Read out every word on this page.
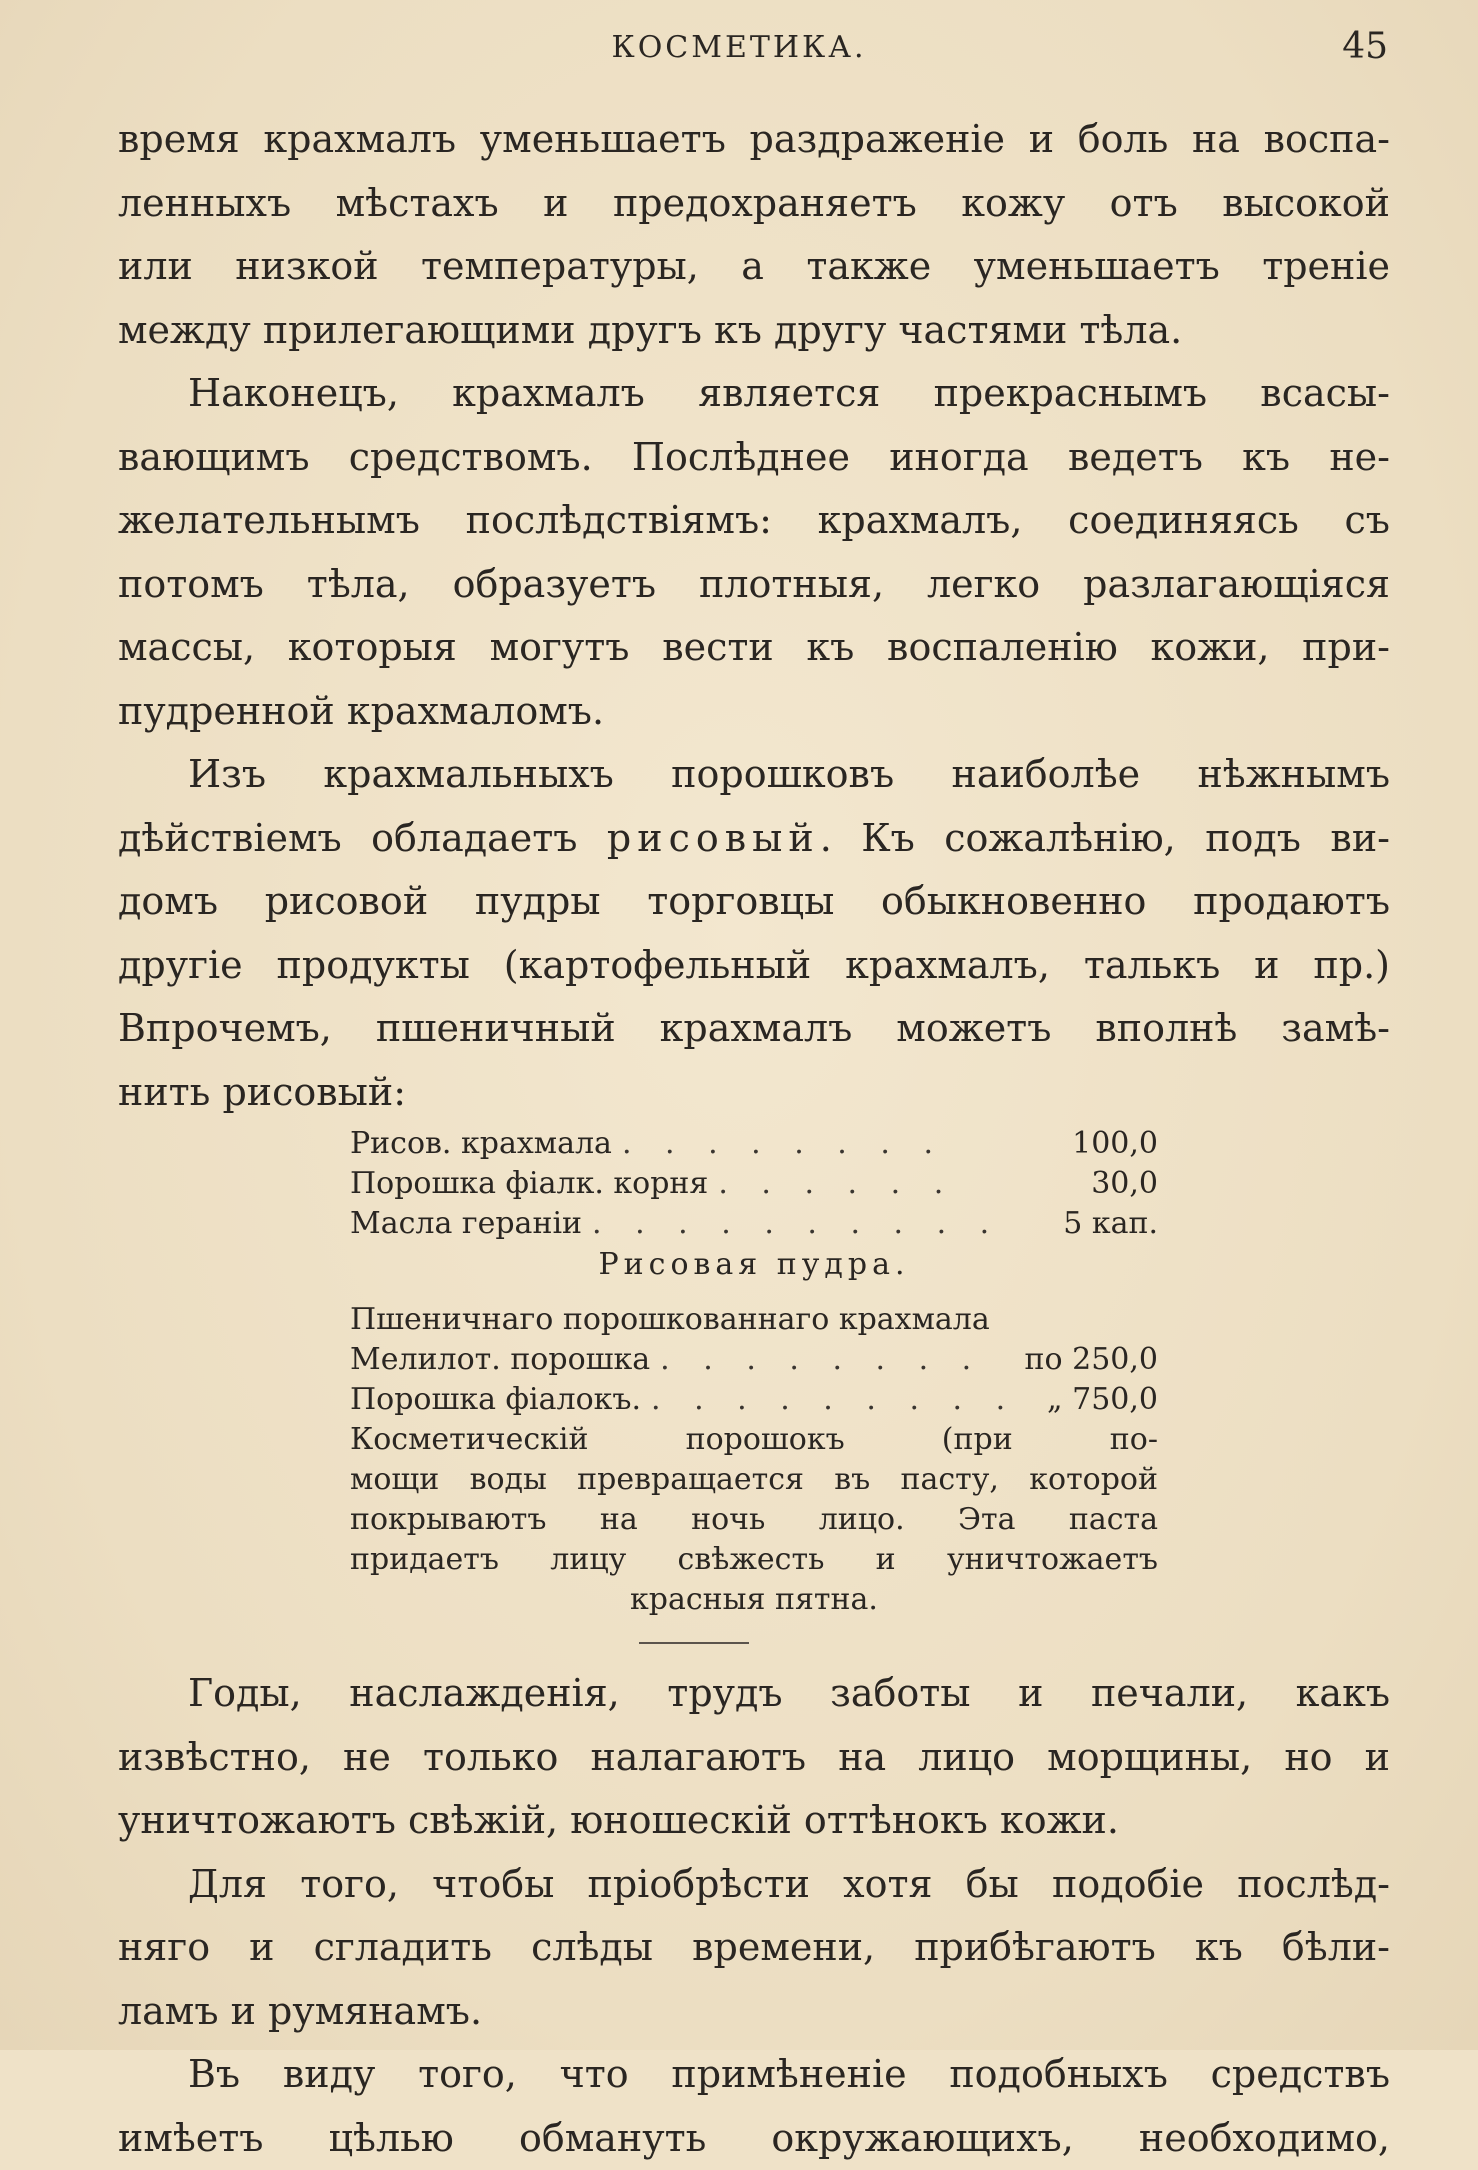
КОСМЕТИКА.	45
время крахмалъ уменьшаетъ раздраженіе и боль на воспа-
ленныхъ мѣстахъ и предохраняетъ кожу отъ высокой
или низкой температуры, а также уменьшаетъ треніе
между прилегающими другъ къ другу частями тѣла.
Наконецъ, крахмалъ является прекраснымъ всасы-
вающимъ средствомъ. Послѣднее иногда ведетъ къ не-
желательнымъ послѣдствіямъ: крахмалъ, соединяясь съ
потомъ тѣла, образуетъ плотныя, легко разлагающіяся
массы, которыя могутъ вести къ воспаленію кожи, при-
пудренной крахмаломъ.
Изъ крахмальныхъ порошковъ наиболѣе нѣжнымъ
дѣйствіемъ обладаетъ рисовый. Къ сожалѣнію, подъ ви-
домъ рисовой пудры торговцы обыкновенно продаютъ
другіе продукты (картофельный крахмалъ, талькъ и пр.)
Впрочемъ, пшеничный крахмалъ можетъ вполнѣ замѣ-
нить рисовый:
Рисов. крахмала . . . . . . . .	100,0
Порошка фіалк. корня . . . . . .	30,0
Масла гераніи . . . . . . . . . .	5 кап.
Рисовая пудра.
Пшеничнаго порошкованнаго крахмала
Мелилот. порошка . . . . . . . .	по 250,0
Порошка фіалокъ. . . . . . . . . . „ 750,0
Косметическій порошокъ (при по-
мощи воды превращается въ пасту, которой
покрываютъ на ночь лицо. Эта паста
придаетъ лицу свѣжесть и уничтожаетъ
красныя пятна.
Годы, наслажденія, трудъ заботы и печали, какъ
извѣстно, не только налагаютъ на лицо морщины, но и
уничтожаютъ свѣжій, юношескій оттѣнокъ кожи.
Для того, чтобы пріобрѣсти хотя бы подобіе послѣд-
няго и сгладить слѣды времени, прибѣгаютъ къ бѣли-
ламъ и румянамъ.
Въ виду того, что примѣненіе подобныхъ средствъ
имѣетъ цѣлью обмануть окружающихъ, необходимо,
